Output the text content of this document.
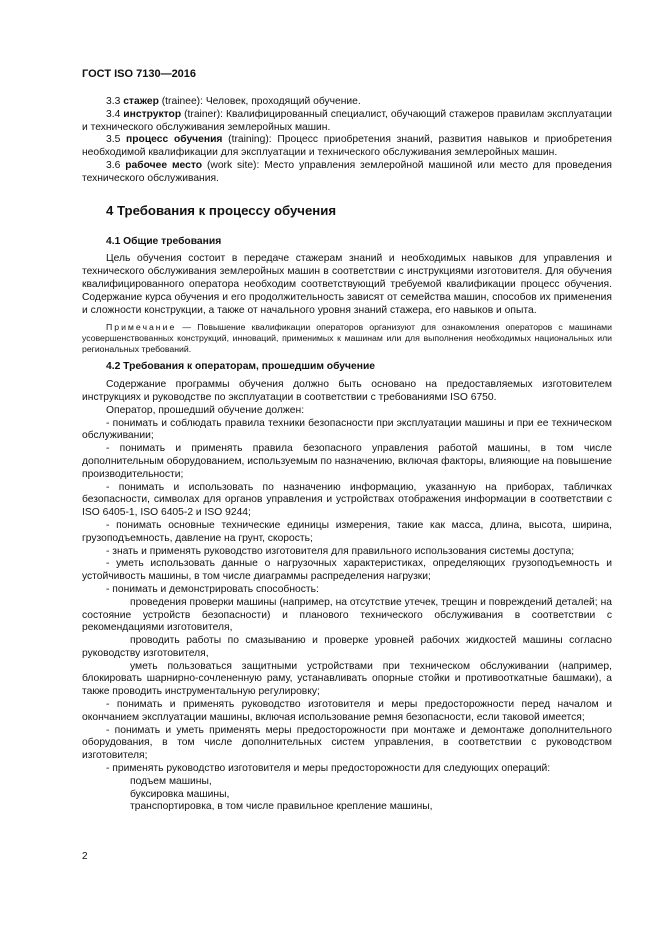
ГОСТ ISO 7130—2016

3.3 стажер (trainee): Человек, проходящий обучение.

3.4 инструктор (trainer): Квалифицированный специалист, обучающий стажеров правилам эксплуатации и технического обслуживания землеройных машин.

3.5 процесс обучения (training): Процесс приобретения знаний, развития навыков и приобретения необходимой квалификации для эксплуатации и технического обслуживания землеройных машин.

3.6 рабочее место (work site): Место управления землеройной машиной или место для проведения технического обслуживания.

4 Требования к процессу обучения
4.1 Общие требования

Цель обучения состоит в передаче стажерам знаний и необходимых навыков для управления и технического обслуживания землеройных машин в соответствии с инструкциями изготовителя. Для обучения квалифицированного оператора необходим соответствующий требуемой квалификации процесс обучения. Содержание курса обучения и его продолжительность зависят от семейства машин, способов их применения и сложности конструкции, а также от начального уровня знаний стажера, его навыков и опыта.

Примечание — Повышение квалификации операторов организуют для ознакомления операторов с машинами усовершенствованных конструкций, инноваций, применимых к машинам или для выполнения необходимых национальных или региональных требований.

4.2 Требования к операторам, прошедшим обучение

Содержание программы обучения должно быть основано на предоставляемых изготовителем инструкциях и руководстве по эксплуатации в соответствии с требованиями ISO 6750.

Оператор, прошедший обучение должен:

- понимать и соблюдать правила техники безопасности при эксплуатации машины и при ее техническом обслуживании;

- понимать и применять правила безопасного управления работой машины, в том числе дополнительным оборудованием, используемым по назначению, включая факторы, влияющие на повышение производительности;

- понимать и использовать по назначению информацию, указанную на приборах, табличках безопасности, символах для органов управления и устройствах отображения информации в соответствии с ISO 6405-1, ISO 6405-2 и ISO 9244;

- понимать основные технические единицы измерения, такие как масса, длина, высота, ширина, грузоподъемность, давление на грунт, скорость;

- знать и применять руководство изготовителя для правильного использования системы доступа;

- уметь использовать данные о нагрузочных характеристиках, определяющих грузоподъемность и устойчивость машины, в том числе диаграммы распределения нагрузки;

- понимать и демонстрировать способность:

проведения проверки машины (например, на отсутствие утечек, трещин и повреждений деталей; на состояние устройств безопасности) и планового технического обслуживания в соответствии с рекомендациями изготовителя,

проводить работы по смазыванию и проверке уровней рабочих жидкостей машины согласно руководству изготовителя,

уметь пользоваться защитными устройствами при техническом обслуживании (например, блокировать шарнирно-сочлененную раму, устанавливать опорные стойки и противооткатные башмаки), а также проводить инструментальную регулировку;

- понимать и применять руководство изготовителя и меры предосторожности перед началом и окончанием эксплуатации машины, включая использование ремня безопасности, если таковой имеется;

- понимать и уметь применять меры предосторожности при монтаже и демонтаже дополнительного оборудования, в том числе дополнительных систем управления, в соответствии с руководством изготовителя;

- применять руководство изготовителя и меры предосторожности для следующих операций:

подъем машины,

буксировка машины,

транспортировка, в том числе правильное крепление машины,

2
